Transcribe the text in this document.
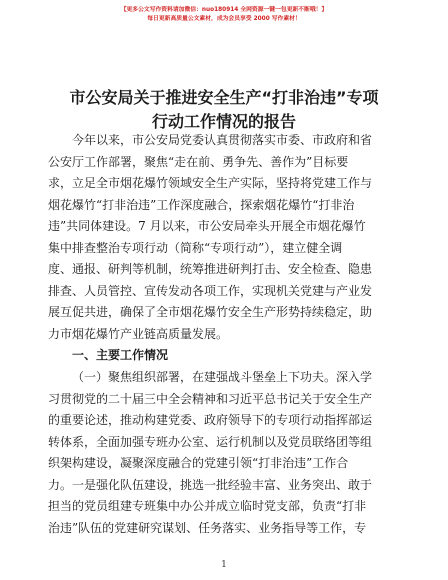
【更多公文写作资料请加微信：nuo180914 全网资源一键一包更新不断哦！】
每日更新高质量公文素材，成为会员享受 2000 写作素材！
市公安局关于推进安全生产“打非治违”专项
行动工作情况的报告
今年以来，市公安局党委认真贯彻落实市委、市政府和省
公安厅工作部署，聚焦“走在前、勇争先、善作为”目标要
求，立足全市烟花爆竹领域安全生产实际，坚持将党建工作与
烟花爆竹“打非治违”工作深度融合，探索烟花爆竹“打非治
违”共同体建设。7 月以来，市公安局牵头开展全市烟花爆竹
集中排查整治专项行动（简称“专项行动”），建立健全调
度、通报、研判等机制，统筹推进研判打击、安全检查、隐患
排查、人员管控、宣传发动各项工作，实现机关党建与产业发
展互促共进，确保了全市烟花爆竹安全生产形势持续稳定，助
力市烟花爆竹产业链高质量发展。
一、主要工作情况
（一）聚焦组织部署，在建强战斗堡垒上下功夫。深入学
习贯彻党的二十届三中全会精神和习近平总书记关于安全生产
的重要论述，推动构建党委、政府领导下的专项行动指挥部运
转体系，全面加强专班办公室、运行机制以及党员联络团等组
织架构建设，凝聚深度融合的党建引领“打非治违”工作合
力。一是强化队伍建设，挑选一批经验丰富、业务突出、敢于
担当的党员组建专班集中办公并成立临时党支部，负责“打非
治违”队伍的党建研究谋划、任务落实、业务指导等工作，专
1
